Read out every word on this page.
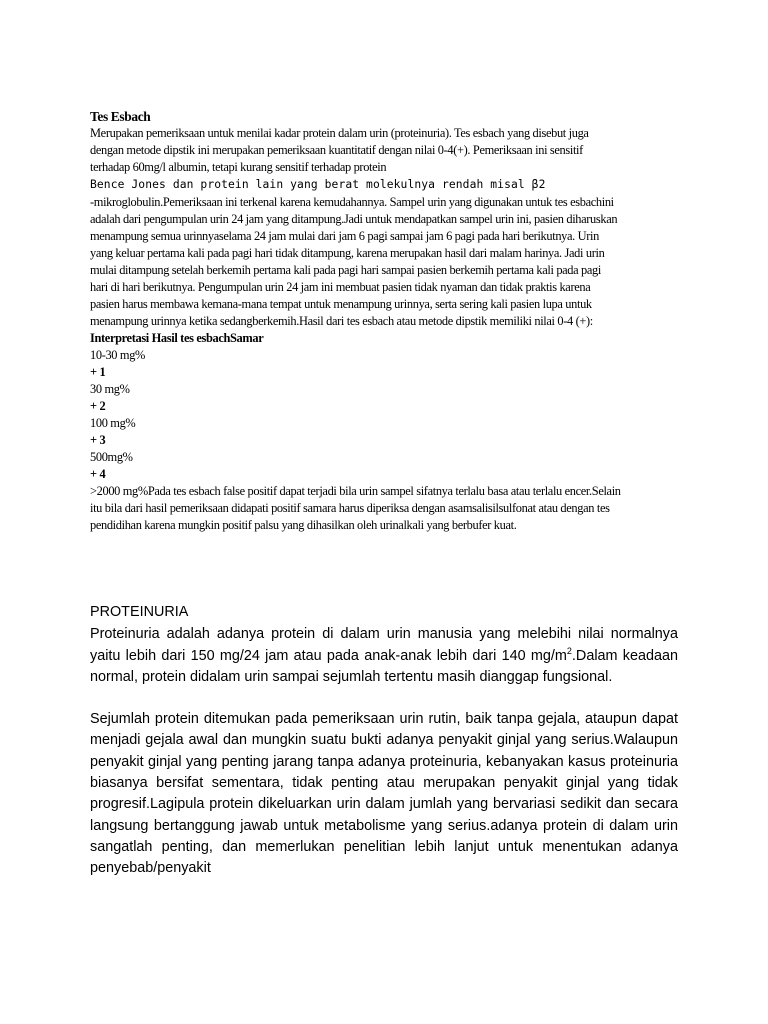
Tes Esbach
Merupakan pemeriksaan untuk menilai kadar protein dalam urin (proteinuria). Tes esbach yang disebut juga
dengan metode dipstik ini merupakan pemeriksaan kuantitatif dengan nilai 0-4(+). Pemeriksaan ini sensitif
terhadap 60mg/l albumin, tetapi kurang sensitif terhadap protein
Bence Jones dan protein lain yang berat molekulnya rendah misal β2
-mikroglobulin.Pemeriksaan ini terkenal karena kemudahannya. Sampel urin yang digunakan untuk tes esbachini
adalah dari pengumpulan urin 24 jam yang ditampung.Jadi untuk mendapatkan sampel urin ini, pasien diharuskan
menampung semua urinnyaselama 24 jam mulai dari jam 6 pagi sampai jam 6 pagi pada hari berikutnya. Urin
yang keluar pertama kali pada pagi hari tidak ditampung, karena merupakan hasil dari malam harinya. Jadi urin
mulai ditampung setelah berkemih pertama kali pada pagi hari sampai pasien berkemih pertama kali pada pagi
hari di hari berikutnya. Pengumpulan urin 24 jam ini membuat pasien tidak nyaman dan tidak praktis karena
pasien harus membawa kemana-mana tempat untuk menampung urinnya, serta sering kali pasien lupa untuk
menampung urinnya ketika sedangberkemih.Hasil dari tes esbach atau metode dipstik memiliki nilai 0-4 (+):
Interpretasi Hasil tes esbachSamar
10-30 mg%
+ 1
30 mg%
+ 2
100 mg%
+ 3
500mg%
+ 4
>2000 mg%Pada tes esbach false positif dapat terjadi bila urin sampel sifatnya terlalu basa atau terlalu encer.Selain
itu bila dari hasil pemeriksaan didapati positif samara harus diperiksa dengan asamsalisilsulfonat atau dengan tes
pendidihan karena mungkin positif palsu yang dihasilkan oleh urinalkali yang berbufer kuat.
PROTEINURIA

Proteinuria adalah adanya protein di dalam urin manusia yang melebihi nilai normalnya yaitu lebih dari 150 mg/24 jam atau pada anak-anak lebih dari 140 $mg/m^2.Dalam$ keadaan normal, protein didalam urin sampai sejumlah tertentu masih dianggap fungsional.

Sejumlah protein ditemukan pada pemeriksaan urin rutin, baik tanpa gejala, ataupun dapat menjadi gejala awal dan mungkin suatu bukti adanya penyakit ginjal yang serius.Walaupun penyakit ginjal yang penting jarang tanpa adanya proteinuria, kebanyakan kasus proteinuria biasanya bersifat sementara, tidak penting atau merupakan penyakit ginjal yang tidak progresif.Lagipula protein dikeluarkan urin dalam jumlah yang bervariasi sedikit dan secara langsung bertanggung jawab untuk metabolisme yang serius.adanya protein di dalam urin sangatlah penting, dan memerlukan penelitian lebih lanjut untuk menentukan adanya penyebab/penyakit
